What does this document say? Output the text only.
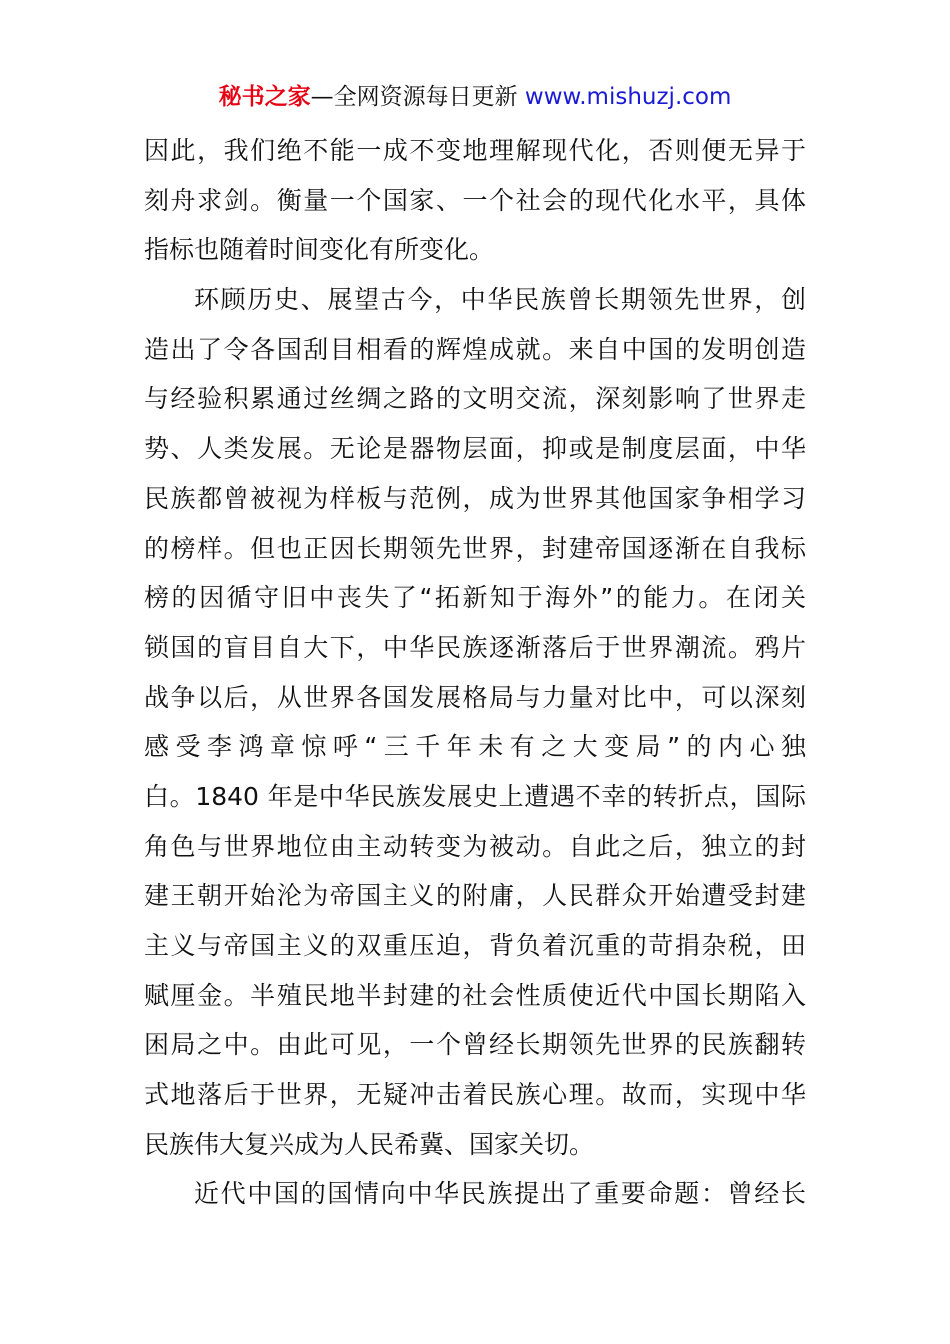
秘书之家—全网资源每日更新 www.mishuzj.com
因此，我们绝不能一成不变地理解现代化，否则便无异于
刻舟求剑。衡量一个国家、一个社会的现代化水平，具体
指标也随着时间变化有所变化。
环顾历史、展望古今，中华民族曾长期领先世界，创
造出了令各国刮目相看的辉煌成就。来自中国的发明创造
与经验积累通过丝绸之路的文明交流，深刻影响了世界走
势、人类发展。无论是器物层面，抑或是制度层面，中华
民族都曾被视为样板与范例，成为世界其他国家争相学习
的榜样。但也正因长期领先世界，封建帝国逐渐在自我标
榜的因循守旧中丧失了“拓新知于海外”的能力。在闭关
锁国的盲目自大下，中华民族逐渐落后于世界潮流。鸦片
战争以后，从世界各国发展格局与力量对比中，可以深刻
感受李鸿章惊呼“三千年未有之大变局”的内心独
白。1840 年是中华民族发展史上遭遇不幸的转折点，国际
角色与世界地位由主动转变为被动。自此之后，独立的封
建王朝开始沦为帝国主义的附庸，人民群众开始遭受封建
主义与帝国主义的双重压迫，背负着沉重的苛捐杂税，田
赋厘金。半殖民地半封建的社会性质使近代中国长期陷入
困局之中。由此可见，一个曾经长期领先世界的民族翻转
式地落后于世界，无疑冲击着民族心理。故而，实现中华
民族伟大复兴成为人民希冀、国家关切。
近代中国的国情向中华民族提出了重要命题：曾经长
